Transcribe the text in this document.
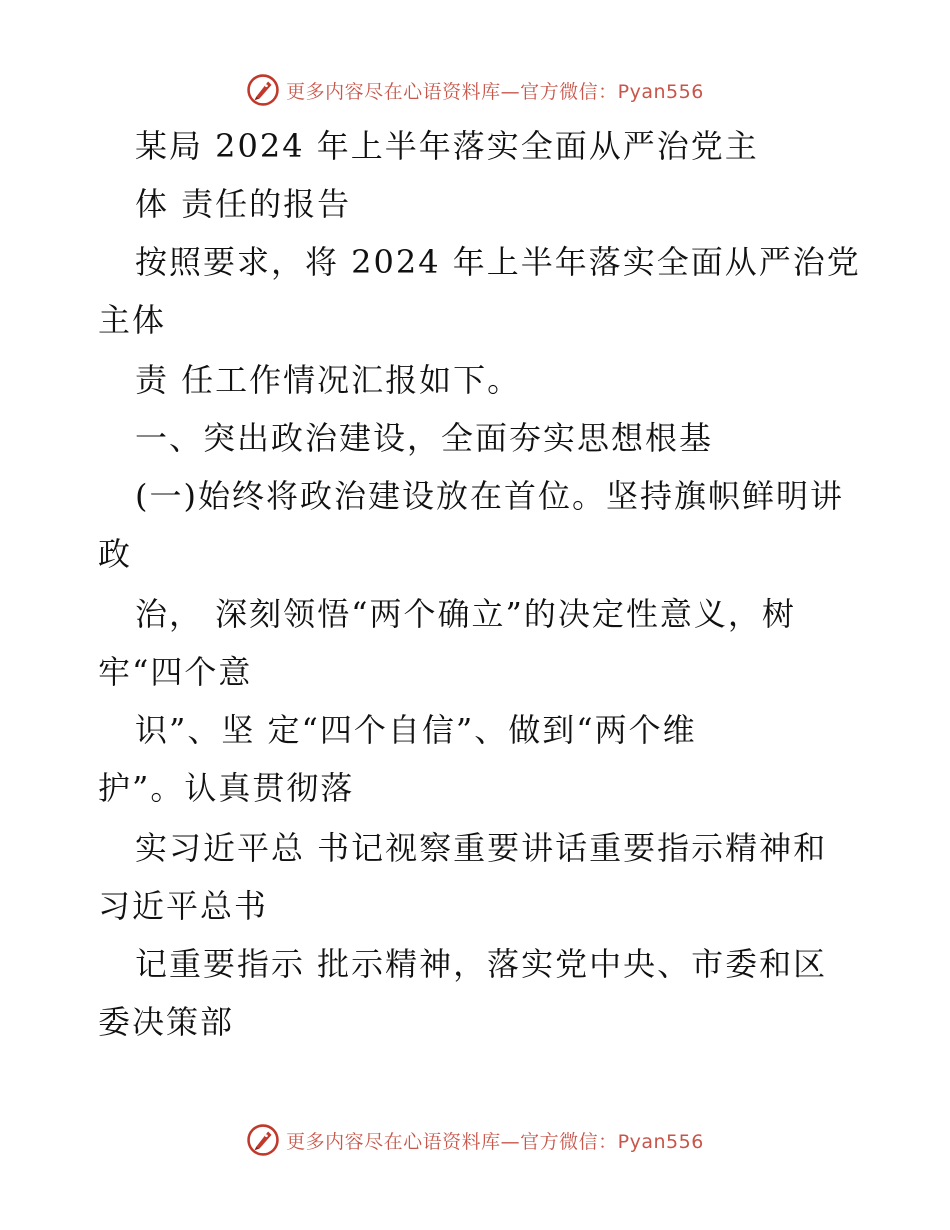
更多内容尽在心语资料库—官方微信：Pyan556
某局 2024 年上半年落实全面从严治党主
体 责任的报告
按照要求，将 2024 年上半年落实全面从严治党
主体
责 任工作情况汇报如下。
一、突出政治建设，全面夯实思想根基
(一)始终将政治建设放在首位。坚持旗帜鲜明讲
政
治， 深刻领悟“两个确立”的决定性意义，树
牢“四个意
识”、坚 定“四个自信”、做到“两个维
护”。认真贯彻落
实习近平总 书记视察重要讲话重要指示精神和
习近平总书
记重要指示 批示精神，落实党中央、市委和区
委决策部
更多内容尽在心语资料库—官方微信：Pyan556
